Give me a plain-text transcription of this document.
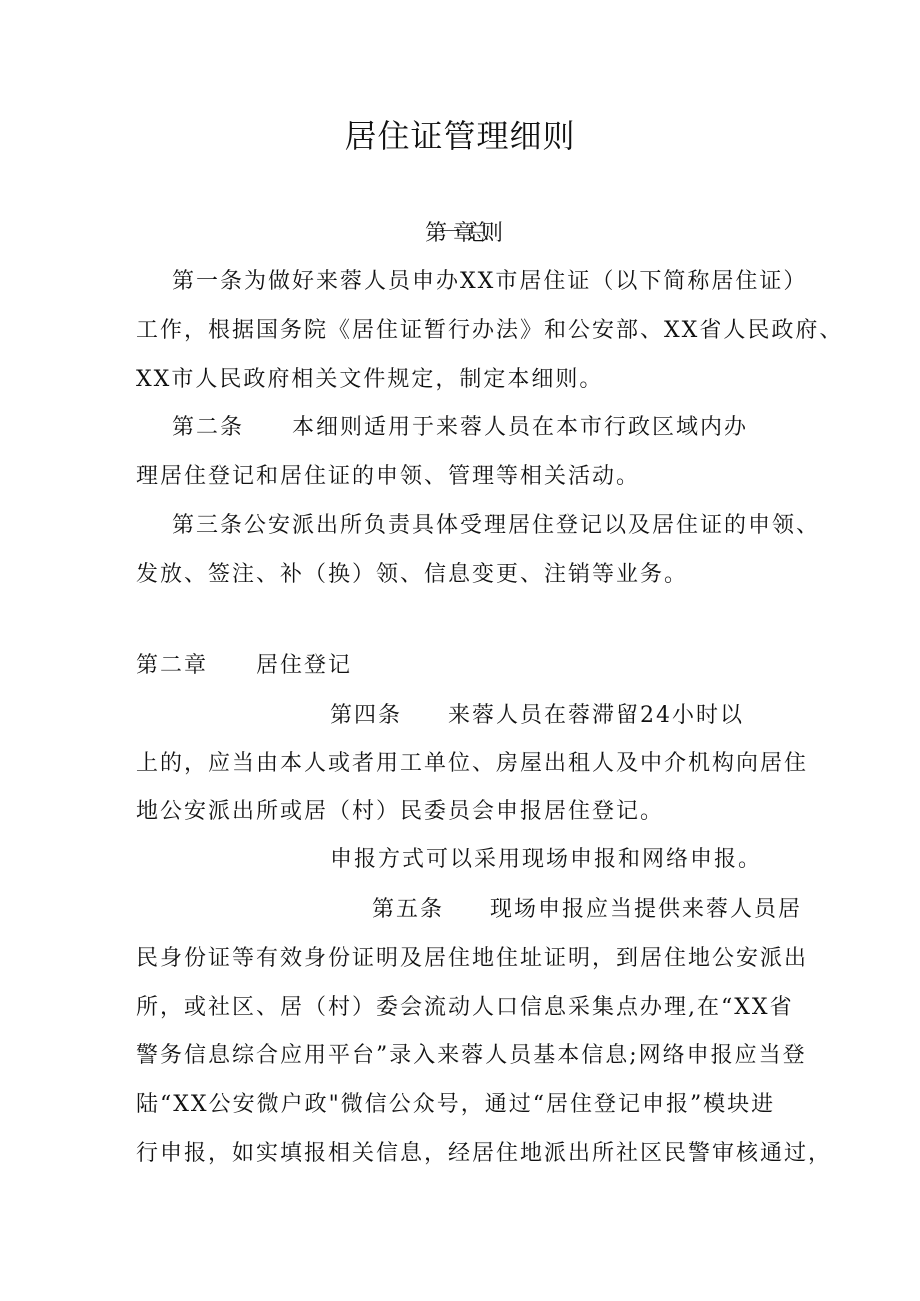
居住证管理细则
第一章总则
第一条为做好来蓉人员申办XX市居住证（以下简称居住证）
工作，根据国务院《居住证暂行办法》和公安部、XX省人民政府、
XX市人民政府相关文件规定，制定本细则。
第二条 本细则适用于来蓉人员在本市行政区域内办
理居住登记和居住证的申领、管理等相关活动。
第三条公安派出所负责具体受理居住登记以及居住证的申领、
发放、签注、补（换）领、信息变更、注销等业务。
第二章 居住登记
第四条 来蓉人员在蓉滞留24小时以
上的，应当由本人或者用工单位、房屋出租人及中介机构向居住
地公安派出所或居（村）民委员会申报居住登记。
申报方式可以采用现场申报和网络申报。
第五条 现场申报应当提供来蓉人员居
民身份证等有效身份证明及居住地住址证明，到居住地公安派出
所，或社区、居（村）委会流动人口信息采集点办理,在“XX省
警务信息综合应用平台”录入来蓉人员基本信息;网络申报应当登
陆“XX公安微户政"微信公众号，通过“居住登记申报”模块进
行申报，如实填报相关信息，经居住地派出所社区民警审核通过，
